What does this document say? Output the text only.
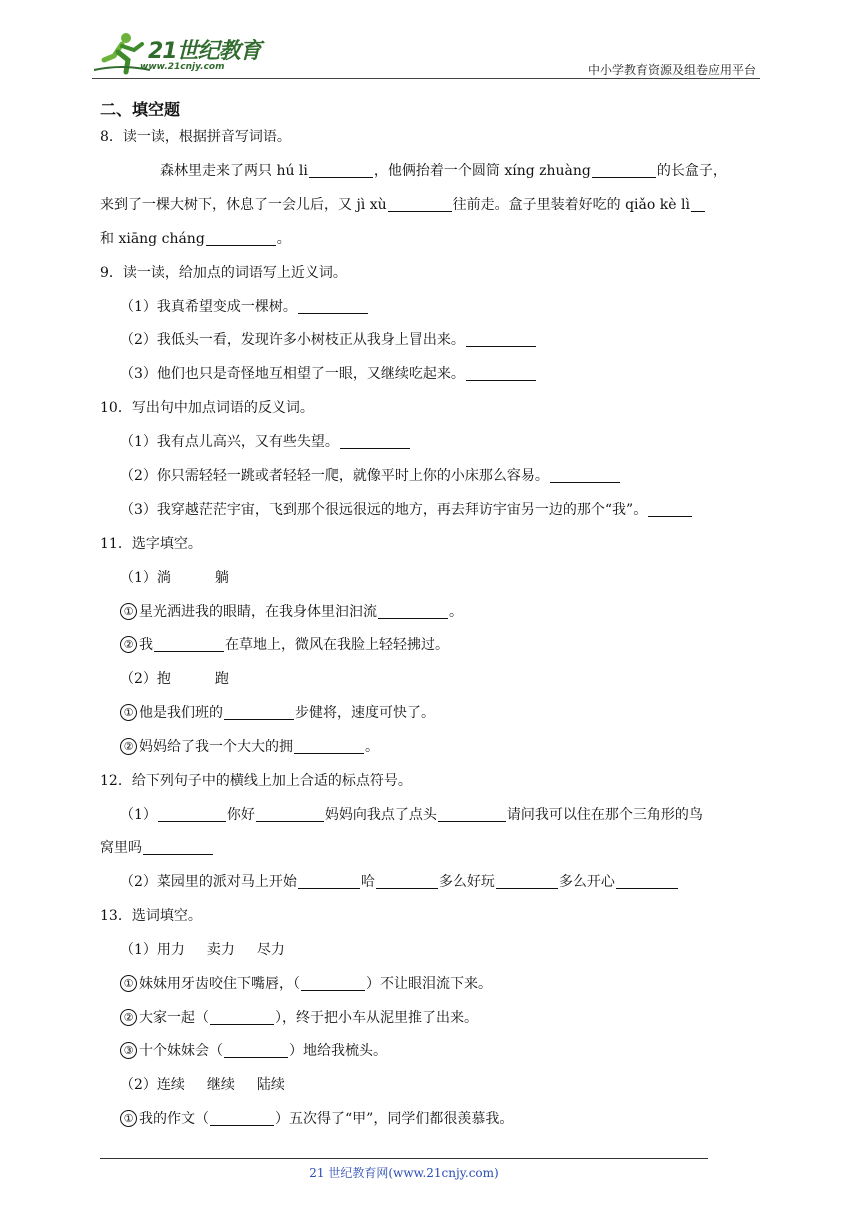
21世纪教育
www.21cnjy.com	中小学教育资源及组卷应用平台
二、填空题
8．读一读，根据拼音写词语。
森林里走来了两只 hú li	，他俩抬着一个圆筒 xíng zhuàng	的长盒子，
来到了一棵大树下，休息了一会儿后，又 jì xù	往前走。盒子里装着好吃的 qiǎo kè lì
和 xiāng cháng	。
9．读一读，给加点的词语写上近义词。
（1）我真希望变成一棵树。
（2）我低头一看，发现许多小树枝正从我身上冒出来。
（3）他们也只是奇怪地互相望了一眼，又继续吃起来。
10．写出句中加点词语的反义词。
（1）我有点儿高兴，又有些失望。
（2）你只需轻轻一跳或者轻轻一爬，就像平时上你的小床那么容易。
（3）我穿越茫茫宇宙，飞到那个很远很远的地方，再去拜访宇宙另一边的那个“我”。
11．选字填空。
（1）淌	躺
① 星光洒进我的眼睛，在我身体里汩汩流	。
② 我	在草地上，微风在我脸上轻轻拂过。
（2）抱	跑
① 他是我们班的	步健将，速度可快了。
② 妈妈给了我一个大大的拥	。
12．给下列句子中的横线上加上合适的标点符号。
（1）	你好	妈妈向我点了点头	请问我可以住在那个三角形的鸟
窝里吗
（2）菜园里的派对马上开始	哈	多么好玩	多么开心
13．选词填空。
（1）用力 卖力 尽力
① 妹妹用牙齿咬住下嘴唇，（	）不让眼泪流下来。
② 大家一起（	），终于把小车从泥里推了出来。
③ 十个妹妹会（	）地给我梳头。
（2）连续 继续 陆续
① 我的作文（	）五次得了“甲”，同学们都很羡慕我。
21 世纪教育网(www.21cnjy.com)
